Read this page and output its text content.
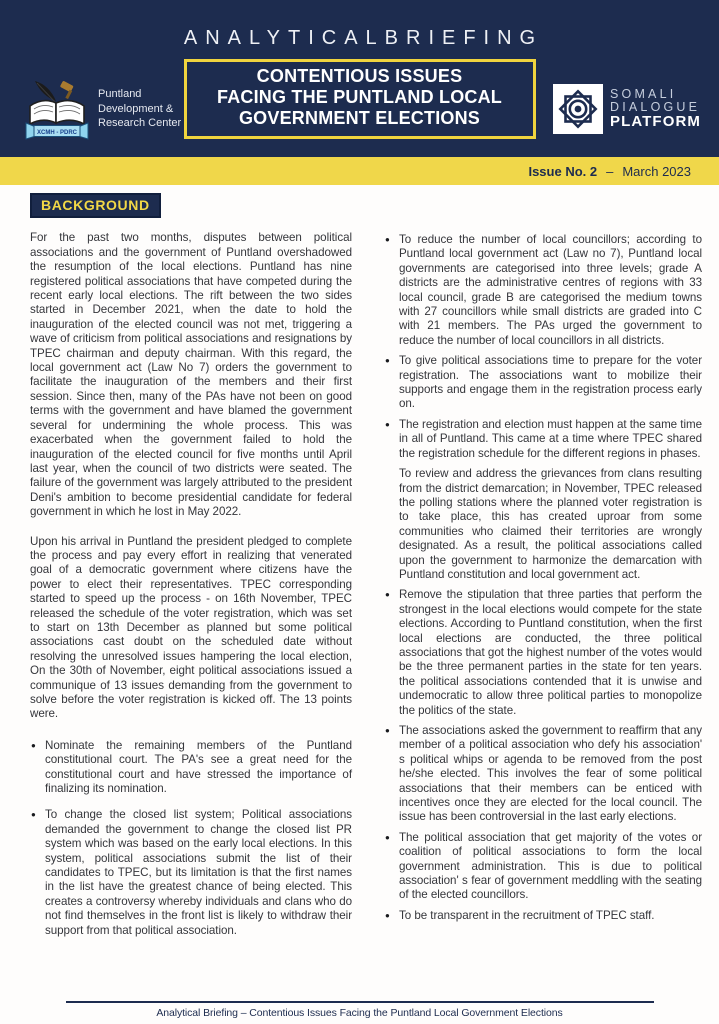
ANALYTICALBRIEFING
CONTENTIOUS ISSUES
FACING THE PUNTLAND LOCAL
GOVERNMENT ELECTIONS
XCMH - PDRC
Puntland
Development &
Research Center
SOMALI
DIALOGUE
PLATFORM
Issue No. 2 – March 2023
BACKGROUND

For the past two months, disputes between political associations and the government of Puntland overshadowed the resumption of the local elections. Puntland has nine registered political associations that have competed during the recent early local elections. The rift between the two sides started in December 2021, when the date to hold the inauguration of the elected council was not met, triggering a wave of criticism from political associations and resignations by TPEC chairman and deputy chairman. With this regard, the local government act (Law No 7) orders the government to facilitate the inauguration of the members and their first session. Since then, many of the PAs have not been on good terms with the government and have blamed the government several for undermining the whole process. This was exacerbated when the government failed to hold the inauguration of the elected council for five months until April last year, when the council of two districts were seated. The failure of the government was largely attributed to the president Deni's ambition to become presidential candidate for federal government in which he lost in May 2022.

Upon his arrival in Puntland the president pledged to complete the process and pay every effort in realizing that venerated goal of a democratic government where citizens have the power to elect their representatives. TPEC corresponding started to speed up the process - on 16th November, TPEC released the schedule of the voter registration, which was set to start on 13th December as planned but some political associations cast doubt on the scheduled date without resolving the unresolved issues hampering the local election, On the 30th of November, eight political associations issued a communique of 13 issues demanding from the government to solve before the voter registration is kicked off. The 13 points were.

● Nominate the remaining members of the Puntland constitutional court. The PA's see a great need for the constitutional court and have stressed the importance of finalizing its nomination.
● To change the closed list system; Political associations demanded the government to change the closed list PR system which was based on the early local elections. In this system, political associations submit the list of their candidates to TPEC, but its limitation is that the first names in the list have the greatest chance of being elected. This creates a controversy whereby individuals and clans who do not find themselves in the front list is likely to withdraw their support from that political association.
● To reduce the number of local councillors; according to Puntland local government act (Law no 7), Puntland local governments are categorised into three levels; grade A districts are the administrative centres of regions with 33 local council, grade B are categorised the medium towns with 27 councillors while small districts are graded into C with 21 members. The PAs urged the government to reduce the number of local councillors in all districts.
● To give political associations time to prepare for the voter registration. The associations want to mobilize their supports and engage them in the registration process early on.
● The registration and election must happen at the same time in all of Puntland. This came at a time where TPEC shared the registration schedule for the different regions in phases.

To review and address the grievances from clans resulting from the district demarcation; in November, TPEC released the polling stations where the planned voter registration is to take place, this has created uproar from some communities who claimed their territories are wrongly designated. As a result, the political associations called upon the government to harmonize the demarcation with Puntland constitution and local government act.

● Remove the stipulation that three parties that perform the strongest in the local elections would compete for the state elections. According to Puntland constitution, when the first local elections are conducted, the three political associations that got the highest number of the votes would be the three permanent parties in the state for ten years. the political associations contended that it is unwise and undemocratic to allow three political parties to monopolize the politics of the state.
● The associations asked the government to reaffirm that any member of a political association who defy his association' s political whips or agenda to be removed from the post he/she elected. This involves the fear of some political associations that their members can be enticed with incentives once they are elected for the local council. The issue has been controversial in the last early elections.
● The political association that get majority of the votes or coalition of political associations to form the local government administration. This is due to political association' s fear of government meddling with the seating of the elected councillors.
● To be transparent in the recruitment of TPEC staff.
Analytical Briefing – Contentious Issues Facing the Puntland Local Government Elections
